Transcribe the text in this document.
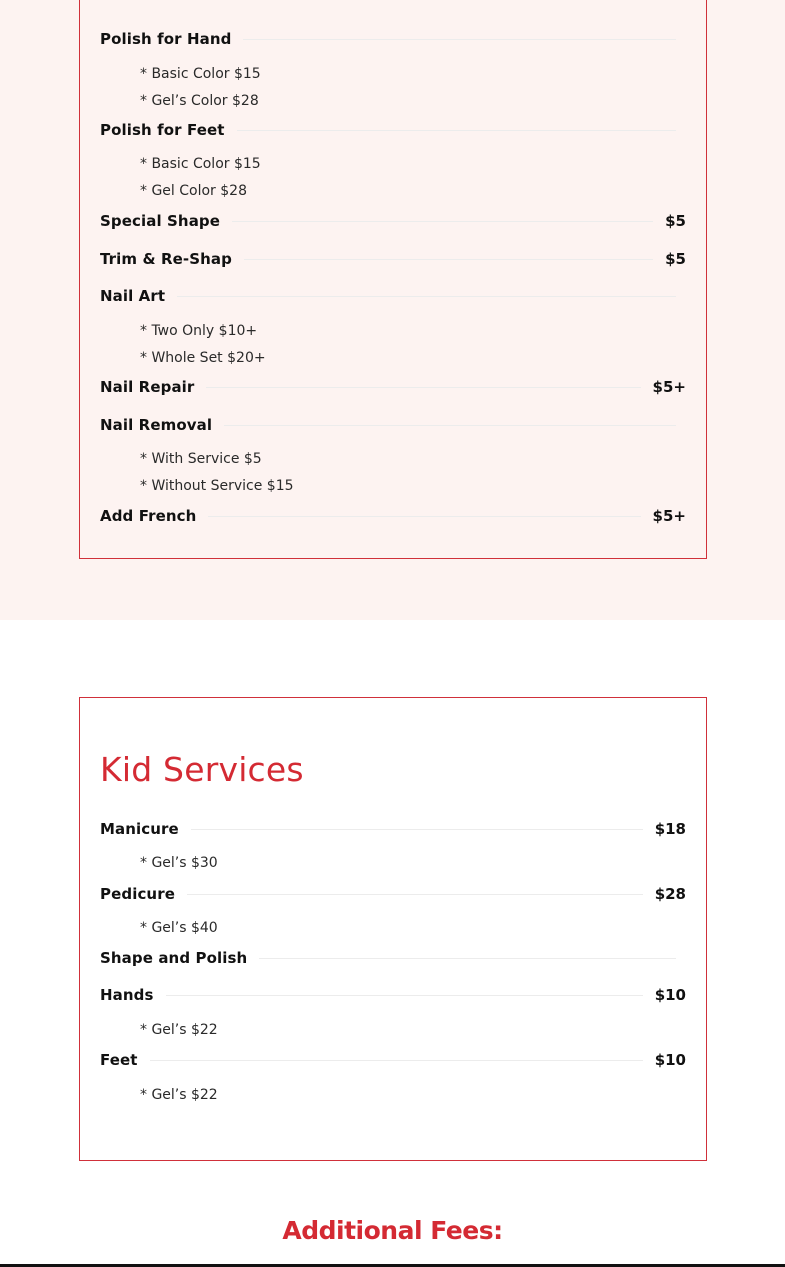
Polish for Hand
* Basic Color $15
* Gel’s Color $28
Polish for Feet
* Basic Color $15
* Gel Color $28
Special Shape	$5
Trim & Re-Shap	$5
Nail Art
* Two Only $10+
* Whole Set $20+
Nail Repair	$5+
Nail Removal
* With Service $5
* Without Service $15
Add French	$5+
Kid Services
Manicure	$18
* Gel’s $30
Pedicure	$28
* Gel’s $40
Shape and Polish
Hands	$10
* Gel’s $22
Feet	$10
* Gel’s $22
Additional Fees:
